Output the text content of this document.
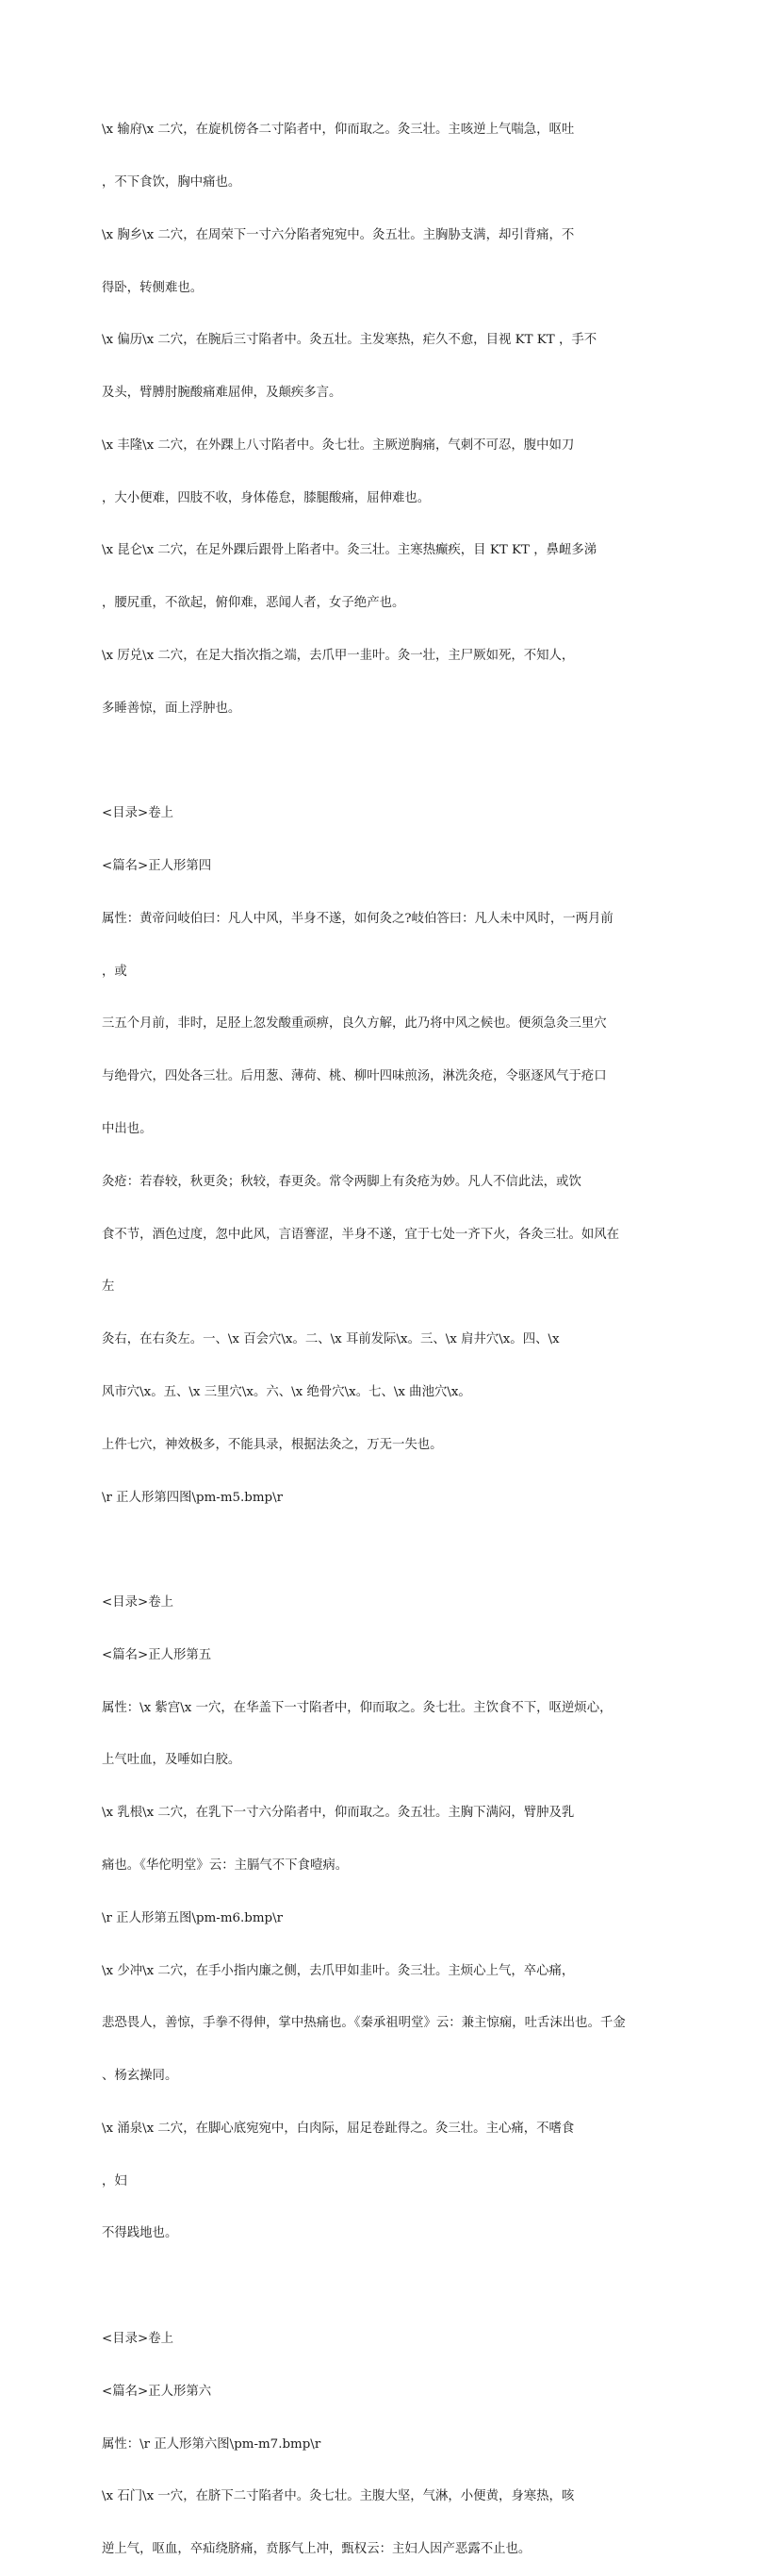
\x 输府\x 二穴，在旋机傍各二寸陷者中，仰而取之。灸三壮。主咳逆上气喘急，呕吐

，不下食饮，胸中痛也。

\x 胸乡\x 二穴，在周荣下一寸六分陷者宛宛中。灸五壮。主胸胁支满，却引背痛，不

得卧，转侧难也。

\x 偏历\x 二穴，在腕后三寸陷者中。灸五壮。主发寒热，疟久不愈，目视 KT KT ，手不

及头，臂膊肘腕酸痛难屈伸，及颠疾多言。

\x 丰隆\x 二穴，在外踝上八寸陷者中。灸七壮。主厥逆胸痛，气刺不可忍，腹中如刀

，大小便难，四肢不收，身体倦怠，膝腿酸痛，屈伸难也。

\x 昆仑\x 二穴，在足外踝后跟骨上陷者中。灸三壮。主寒热癫疾，目 KT KT ，鼻衄多涕

，腰尻重，不欲起，俯仰难，恶闻人者，女子绝产也。

\x 厉兑\x 二穴，在足大指次指之端，去爪甲一韭叶。灸一壮，主尸厥如死，不知人，

多睡善惊，面上浮肿也。

<目录>卷上

<篇名>正人形第四

属性：黄帝问岐伯曰：凡人中风，半身不遂，如何灸之?岐伯答曰：凡人未中风时，一两月前

，或

三五个月前，非时，足胫上忽发酸重顽痹，良久方解，此乃将中风之候也。便须急灸三里穴

与绝骨穴，四处各三壮。后用葱、薄荷、桃、柳叶四味煎汤，淋洗灸疮，令驱逐风气于疮口

中出也。

灸疮：若春较，秋更灸；秋较，春更灸。常令两脚上有灸疮为妙。凡人不信此法，或饮

食不节，酒色过度，忽中此风，言语謇涩，半身不遂，宜于七处一齐下火，各灸三壮。如风在

左

灸右，在右灸左。一、\x 百会穴\x。二、\x 耳前发际\x。三、\x 肩井穴\x。四、\x

风市穴\x。五、\x 三里穴\x。六、\x 绝骨穴\x。七、\x 曲池穴\x。

上件七穴，神效极多，不能具录，根据法灸之，万无一失也。

\r 正人形第四图\pm-m5.bmp\r

<目录>卷上

<篇名>正人形第五

属性：\x 紫宫\x 一穴，在华盖下一寸陷者中，仰而取之。灸七壮。主饮食不下，呕逆烦心，

上气吐血，及唾如白胶。

\x 乳根\x 二穴，在乳下一寸六分陷者中，仰而取之。灸五壮。主胸下满闷，臂肿及乳

痛也。《华佗明堂》云：主膈气不下食噎病。

\r 正人形第五图\pm-m6.bmp\r

\x 少冲\x 二穴，在手小指内廉之侧，去爪甲如韭叶。灸三壮。主烦心上气，卒心痛，

悲恐畏人，善惊，手拳不得伸，掌中热痛也。《秦承祖明堂》云：兼主惊痫，吐舌沫出也。千金

、杨玄操同。

\x 涌泉\x 二穴，在脚心底宛宛中，白肉际，屈足卷趾得之。灸三壮。主心痛，不嗜食

，妇

不得践地也。

<目录>卷上

<篇名>正人形第六

属性：\r 正人形第六图\pm-m7.bmp\r

\x 石门\x 一穴，在脐下二寸陷者中。灸七壮。主腹大坚，气淋，小便黄，身寒热，咳

逆上气，呕血，卒疝绕脐痛，贲豚气上冲，甄权云：主妇人因产恶露不止也。
